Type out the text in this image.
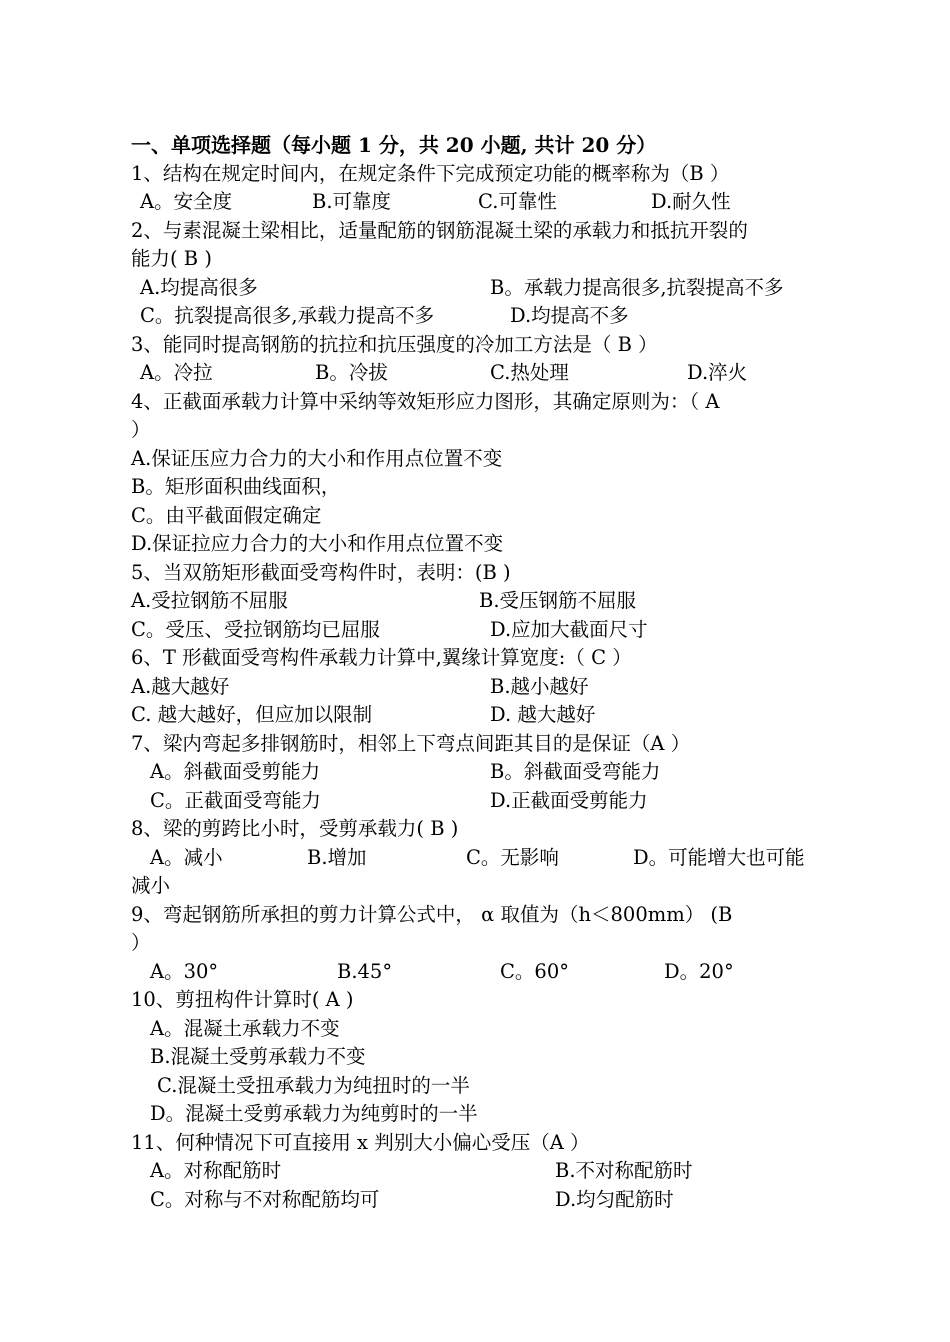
一、单项选择题（每小题 1 分，共 20 小题, 共计 20 分）
1、结构在规定时间内，在规定条件下完成预定功能的概率称为（B ）
A。安全度	B.可靠度	C.可靠性	D.耐久性
2、与素混凝土梁相比，适量配筋的钢筋混凝土梁的承载力和抵抗开裂的
能力( B )
A.均提高很多	B。承载力提高很多,抗裂提高不多
C。抗裂提高很多,承载力提高不多	D.均提高不多
3、能同时提高钢筋的抗拉和抗压强度的冷加工方法是（ B ）
A。冷拉	B。冷拔	C.热处理	D.淬火
4、正截面承载力计算中采纳等效矩形应力图形，其确定原则为：（ A
）
A.保证压应力合力的大小和作用点位置不变
B。矩形面积曲线面积，
C。由平截面假定确定
D.保证拉应力合力的大小和作用点位置不变
5、当双筋矩形截面受弯构件时，表明：(B )
A.受拉钢筋不屈服	B.受压钢筋不屈服
C。受压、受拉钢筋均已屈服	D.应加大截面尺寸
6、T 形截面受弯构件承载力计算中,翼缘计算宽度:（ C ）
A.越大越好	B.越小越好
C. 越大越好，但应加以限制	D. 越大越好
7、梁内弯起多排钢筋时，相邻上下弯点间距其目的是保证（A ）
A。斜截面受剪能力	B。斜截面受弯能力
C。正截面受弯能力	D.正截面受剪能力
8、梁的剪跨比小时，受剪承载力( B )
A。减小	B.增加	C。无影响	D。可能增大也可能
减小
9、弯起钢筋所承担的剪力计算公式中， α 取值为（h＜800mm） (B
）
A。30°	B.45°	C。60°	D。20°
10、剪扭构件计算时( A )
A。混凝土承载力不变
B.混凝土受剪承载力不变
C.混凝土受扭承载力为纯扭时的一半
D。混凝土受剪承载力为纯剪时的一半
11、何种情况下可直接用 x 判别大小偏心受压（A ）
A。对称配筋时	B.不对称配筋时
C。对称与不对称配筋均可	D.均匀配筋时
